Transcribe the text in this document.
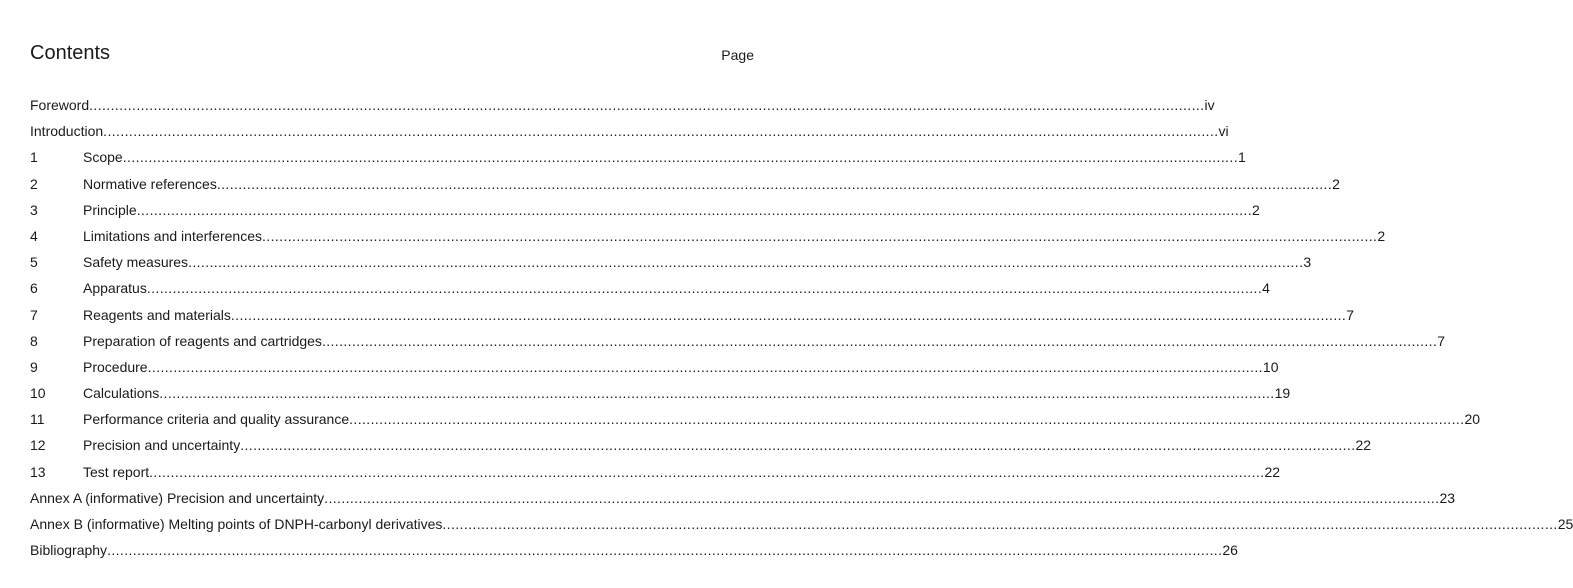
Contents	Page
Foreword .................................................................................................................................................................................................................................................................... iv
Introduction .................................................................................................................................................................................................................................................................... vi
1	Scope .................................................................................................................................................................................................................................................................... 1
2	Normative references .................................................................................................................................................................................................................................................................... 2
3	Principle .................................................................................................................................................................................................................................................................... 2
4	Limitations and interferences .................................................................................................................................................................................................................................................................... 2
5	Safety measures .................................................................................................................................................................................................................................................................... 3
6	Apparatus .................................................................................................................................................................................................................................................................... 4
7	Reagents and materials .................................................................................................................................................................................................................................................................... 7
8	Preparation of reagents and cartridges .................................................................................................................................................................................................................................................................... 7
9	Procedure .................................................................................................................................................................................................................................................................... 10
10	Calculations .................................................................................................................................................................................................................................................................... 19
11	Performance criteria and quality assurance .................................................................................................................................................................................................................................................................... 20
12	Precision and uncertainty .................................................................................................................................................................................................................................................................... 22
13	Test report .................................................................................................................................................................................................................................................................... 22
Annex A (informative) Precision and uncertainty .................................................................................................................................................................................................................................................................... 23
Annex B (informative) Melting points of DNPH-carbonyl derivatives .................................................................................................................................................................................................................................................................... 25
Bibliography .................................................................................................................................................................................................................................................................... 26
